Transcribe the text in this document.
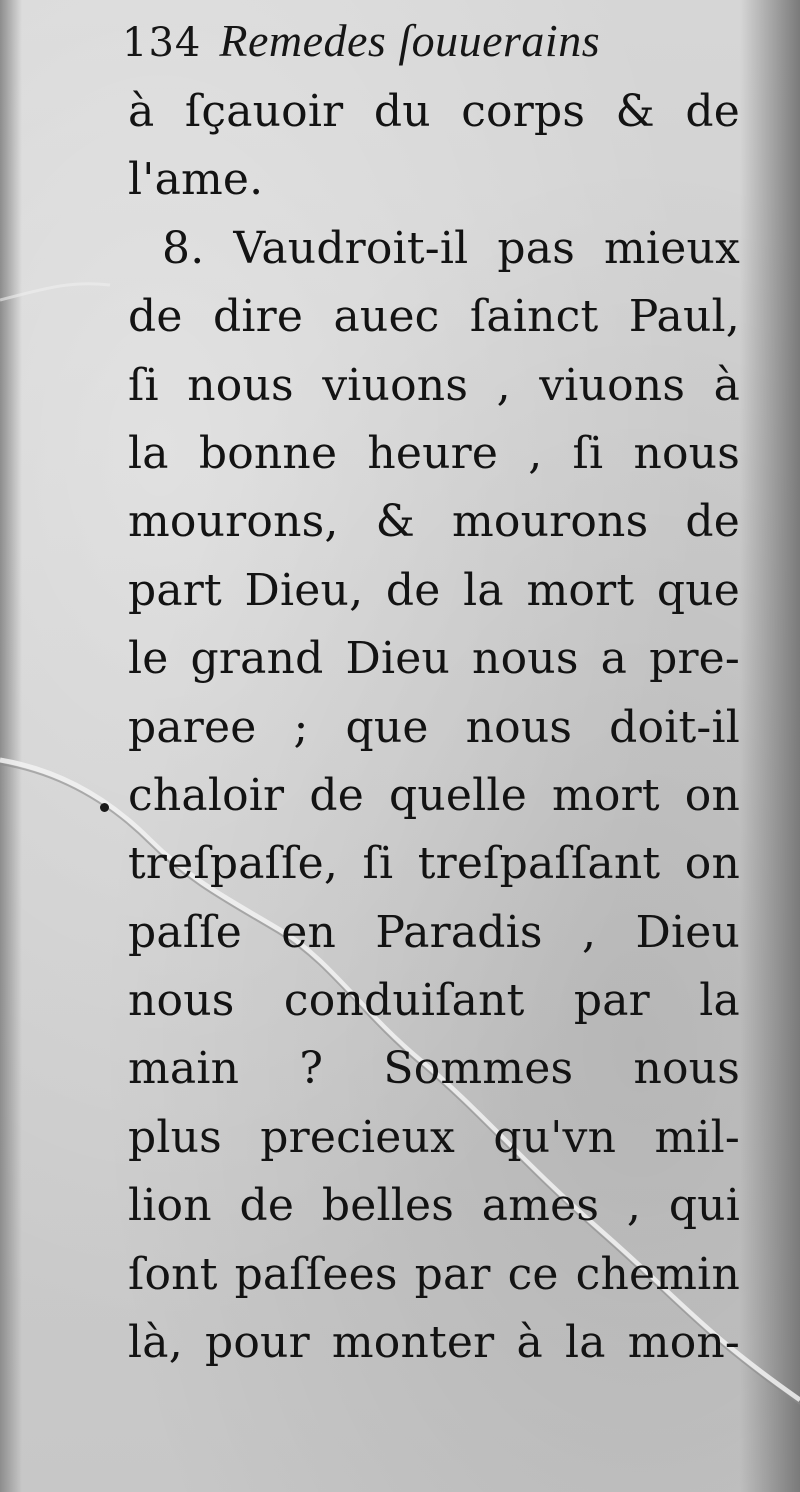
134 Remedes ſouuerains
à ſçauoir du corps & de
l'ame.
8. Vaudroit-il pas mieux
de dire auec ſainct Paul,
ſi nous viuons , viuons à
la bonne heure , ſi nous
mourons, & mourons de
part Dieu, de la mort que
le grand Dieu nous a pre-
paree ; que nous doit-il
chaloir de quelle mort on
treſpaſſe, ſi treſpaſſant on
paſſe en Paradis , Dieu
nous conduiſant par la
main ? Sommes nous
plus precieux qu'vn mil-
lion de belles ames , qui
ſont paſſees par ce chemin
là, pour monter à la mon-
